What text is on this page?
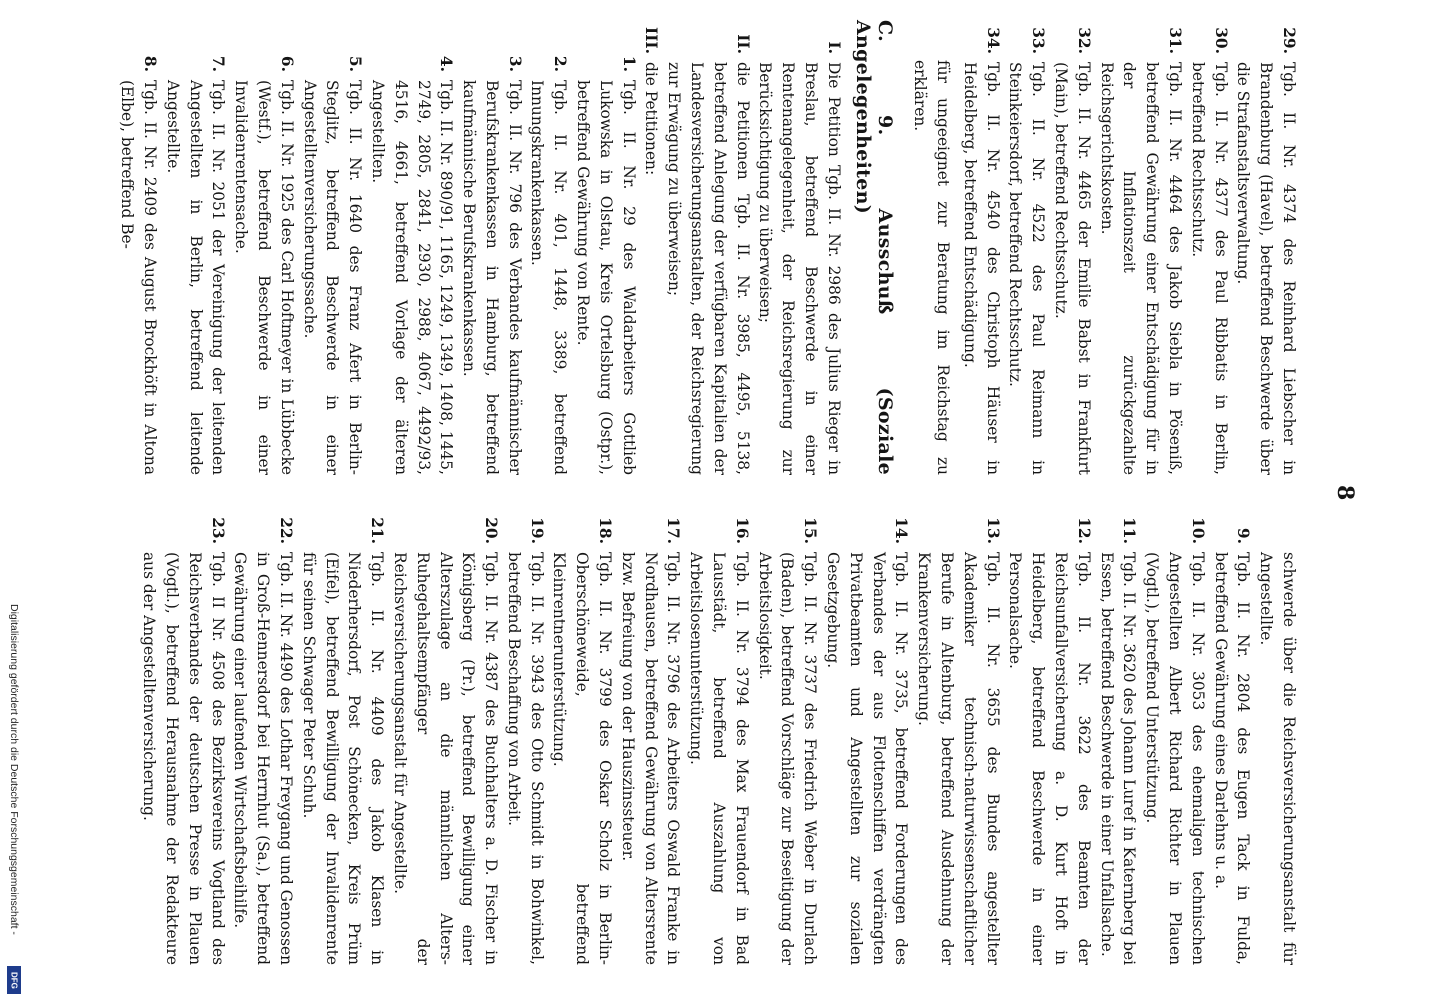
8
29.
Tgb. II. Nr. 4374 des Reinhard Liebscher in Brandenburg (Havel), betreffend Beschwerde über die Strafanstaltsverwaltung.
30.
Tgb. II. Nr. 4377 des Paul Ribbatis in Berlin, betreffend Rechtsschutz.
31.
Tgb. II. Nr. 4464 des Jakob Siebla in Pöseniß, betreffend Gewährung einer Entschädigung für in der Inflationszeit zurückgezahlte Reichsgerichtskosten.
32.
Tgb. II. Nr. 4465 der Emilie Babst in Frankfurt (Main), betreffend Rechtsschutz.
33.
Tgb. II. Nr. 4522 des Paul Reimann in Steinkeiersdorf, betreffend Rechtsschutz.
34.
Tgb. II. Nr. 4540 des Christoph Häuser in Heidelberg, betreffend Entschädigung.
für ungeeignet zur Beratung im Reichstag zu erklären.
C. 9. Ausschuß (Soziale Angelegenheiten)
I.
Die Petition Tgb. II. Nr. 2986 des Julius Rieger in Breslau, betreffend Beschwerde in einer Rentenangelegenheit, der Reichsregierung zur Berücksichtigung zu überweisen;
II.
die Petitionen Tgb. II. Nr. 3985, 4495, 5138, betreffend Anlegung der verfügbaren Kapitalien der Landesversicherungsanstalten, der Reichsregierung zur Erwägung zu überweisen;
III.
die Petitionen:
1.
Tgb. II. Nr. 29 des Waldarbeiters Gottlieb Lukowska in Olstau, Kreis Ortelsburg (Ostpr.), betreffend Gewährung von Rente.
2.
Tgb. II. Nr. 401, 1448, 3389, betreffend Innungskrankenkassen.
3.
Tgb. II. Nr. 796 des Verbandes kaufmännischer Berufskrankenkassen in Hamburg, betreffend kaufmännische Berufskrankenkassen.
4.
Tgb. II. Nr. 890/91, 1165, 1249, 1349, 1408, 1445, 2749, 2805, 2841, 2930, 2988, 4067, 4492/93, 4516, 4661, betreffend Vorlage der älteren Angestellten.
5.
Tgb. II. Nr. 1640 des Franz Afert in Berlin-Steglitz, betreffend Beschwerde in einer Angestelltenversicherungssache.
6.
Tgb. II. Nr. 1925 des Carl Hoftmeyer in Lübbecke (Westf.), betreffend Beschwerde in einer Invalidenrentensache.
7.
Tgb. II. Nr. 2051 der Vereinigung der leitenden Angestellten in Berlin, betreffend leitende Angestellte.
8.
Tgb. II. Nr. 2409 des August Brockhöft in Altona (Elbe), betreffend Be-
schwerde über die Reichsversicherungsanstalt für Angestellte.
9.
Tgb. II. Nr. 2804 des Eugen Tack in Fulda, betreffend Gewährung eines Darlehns u. a.
10.
Tgb. II. Nr. 3053 des ehemaligen technischen Angestellten Albert Richard Richter in Plauen (Vogtl.), betreffend Unterstützung.
11.
Tgb. II. Nr. 3620 des Johann Luref in Katernberg bei Essen, betreffend Beschwerde in einer Unfallsache.
12.
Tgb. II. Nr. 3622 des Beamten der Reichsunfallversicherung a. D. Kurt Hoft in Heidelberg, betreffend Beschwerde in einer Personalsache.
13.
Tgb. II. Nr. 3655 des Bundes angestellter Akademiker technisch-naturwissenschaftlicher Berufe in Altenburg, betreffend Ausdehnung der Krankenversicherung.
14.
Tgb. II. Nr. 3735, betreffend Forderungen des Verbandes der aus Flottenschiffen verdrängten Privatbeamten und Angestellten zur sozialen Gesetzgebung.
15.
Tgb. II. Nr. 3737 des Friedrich Weber in Durlach (Baden), betreffend Vorschläge zur Beseitigung der Arbeitslosigkeit.
16.
Tgb. II. Nr. 3794 des Max Frauendorf in Bad Lausstädt, betreffend Auszahlung von Arbeitslosenunterstützung.
17.
Tgb. II. Nr. 3796 des Arbeiters Oswald Franke in Nordhausen, betreffend Gewährung von Altersrente bzw. Befreiung von der Hauszinssteuer.
18.
Tgb. II. Nr. 3799 des Oskar Scholz in Berlin-Oberschöneweide, betreffend Kleinrentnerunterstützung.
19.
Tgb. II. Nr. 3943 des Otto Schmidt in Bohwinkel, betreffend Beschaffung von Arbeit.
20.
Tgb. II. Nr. 4387 des Buchhalters a. D. Fischer in Königsberg (Pr.), betreffend Bewilligung einer Alterszulage an die männlichen Alters-Ruhegehaltsempfänger der Reichsversicherungsanstalt für Angestellte.
21.
Tgb. II. Nr. 4409 des Jakob Klasen in Niederhersdorf, Post Schönecken, Kreis Prüm (Eifel), betreffend Bewilligung der Invalidenrente für seinen Schwager Peter Schuh.
22.
Tgb. II. Nr. 4490 des Lothar Freygang und Genossen in Groß-Hennersdorf bei Herrnhut (Sa.), betreffend Gewährung einer laufenden Wirtschaftsbeihilfe.
23.
Tgb. II Nr. 4508 des Bezirksvereins Vogtland des Reichsverbandes der deutschen Presse in Plauen (Vogtl.), betreffend Herausnahme der Redakteure aus der Angestelltenversicherung.
Digitalisierung gefördert durch die Deutsche Forschungsgemeinschaft -
DFG
